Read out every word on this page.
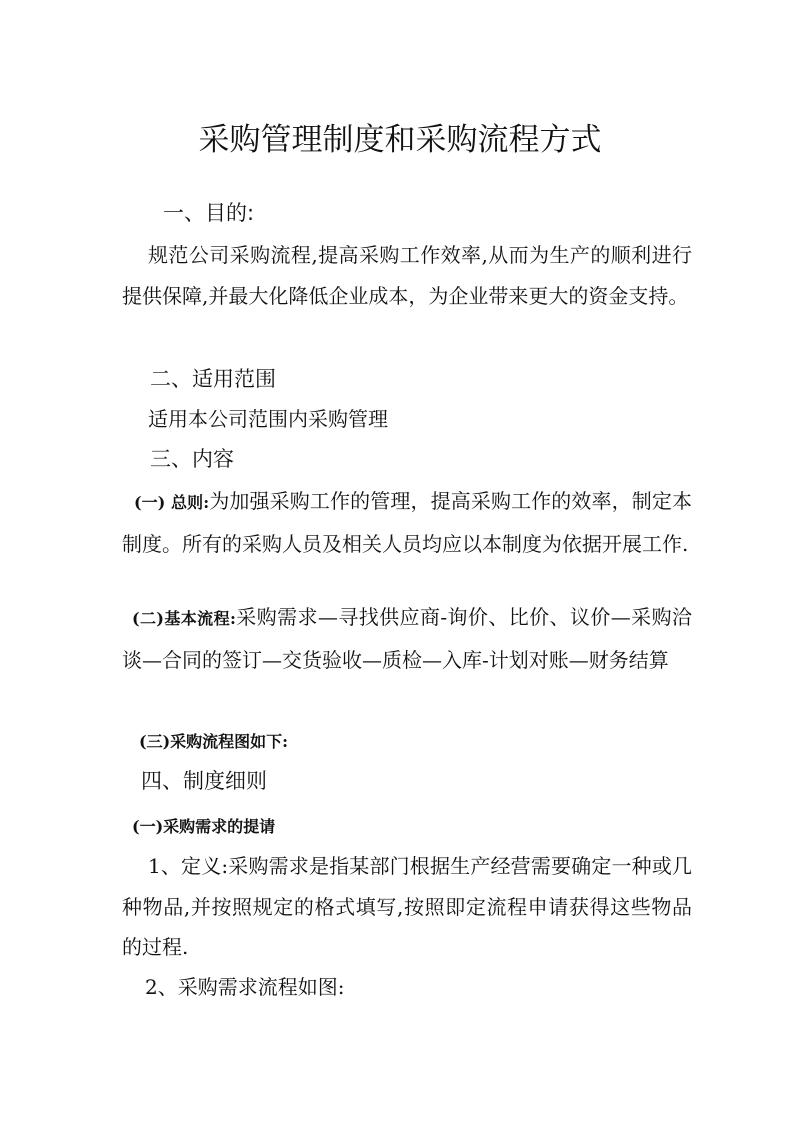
采购管理制度和采购流程方式
一、目的:

规范公司采购流程,提高采购工作效率,从而为生产的顺利进行提供保障,并最大化降低企业成本，为企业带来更大的资金支持。

二、适用范围
适用本公司范围内采购管理
三、内容

(一) 总则:为加强采购工作的管理，提高采购工作的效率，制定本制度。所有的采购人员及相关人员均应以本制度为依据开展工作.

(二)基本流程:采购需求—寻找供应商-询价、比价、议价—采购洽谈—合同的签订—交货验收—质检—入库-计划对账—财务结算

(三)采购流程图如下:
四、制度细则
(一)采购需求的提请

1、定义:采购需求是指某部门根据生产经营需要确定一种或几种物品,并按照规定的格式填写,按照即定流程申请获得这些物品的过程.

2、采购需求流程如图:
